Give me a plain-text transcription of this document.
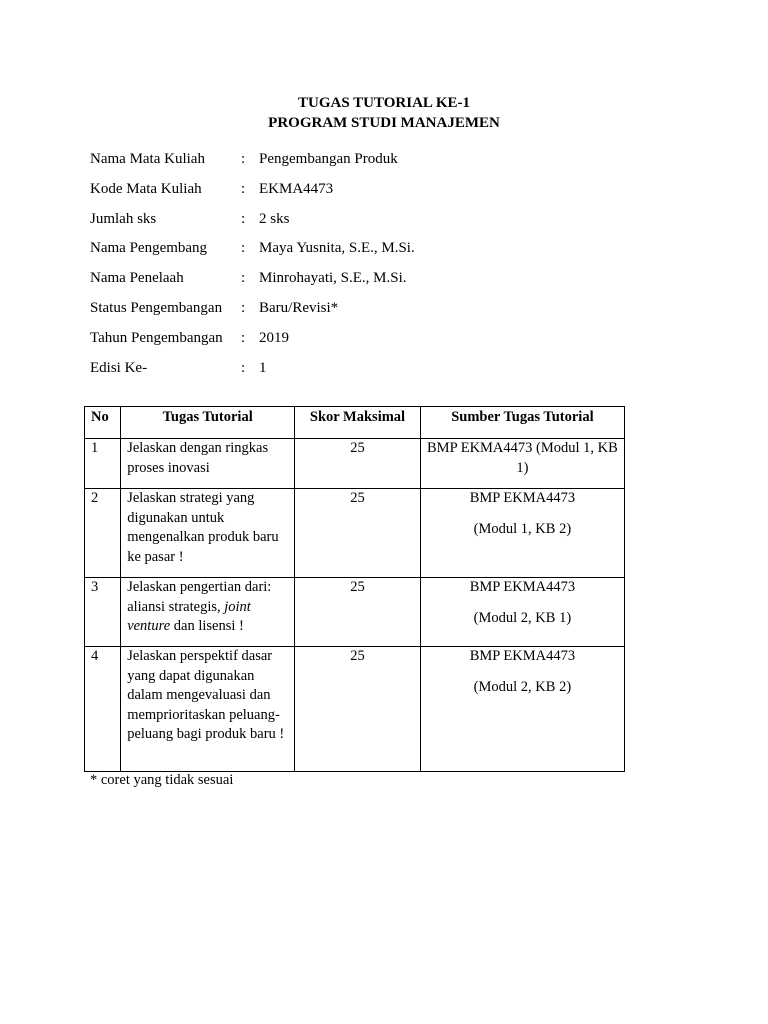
TUGAS TUTORIAL KE-1
PROGRAM STUDI MANAJEMEN
Nama Mata Kuliah : Pengembangan Produk
Kode Mata Kuliah	: EKMA4473
Jumlah sks	: 2 sks
Nama Pengembang : Maya Yusnita, S.E., M.Si.
Nama Penelaah	: Minrohayati, S.E., M.Si.
Status Pengembangan : Baru/Revisi*
Tahun Pengembangan : 2019
Edisi Ke-	: 1
No	Tugas Tutorial	Skor Maksimal	Sumber Tugas Tutorial
1	Jelaskan dengan ringkas proses inovasi	25	BMP EKMA4473 (Modul 1, KB 1)

2	Jelaskan strategi yang digunakan untuk mengenalkan produk baru ke pasar !	25	BMP EKMA4473
(Modul 1, KB 2)

3	Jelaskan pengertian dari: aliansi strategis, joint venture dan lisensi !	25	BMP EKMA4473
(Modul 2, KB 1)

4	Jelaskan perspektif dasar yang dapat digunakan dalam mengevaluasi dan memprioritaskan peluang-peluang bagi produk baru !	25	BMP EKMA4473
(Modul 2, KB 2)
* coret yang tidak sesuai
